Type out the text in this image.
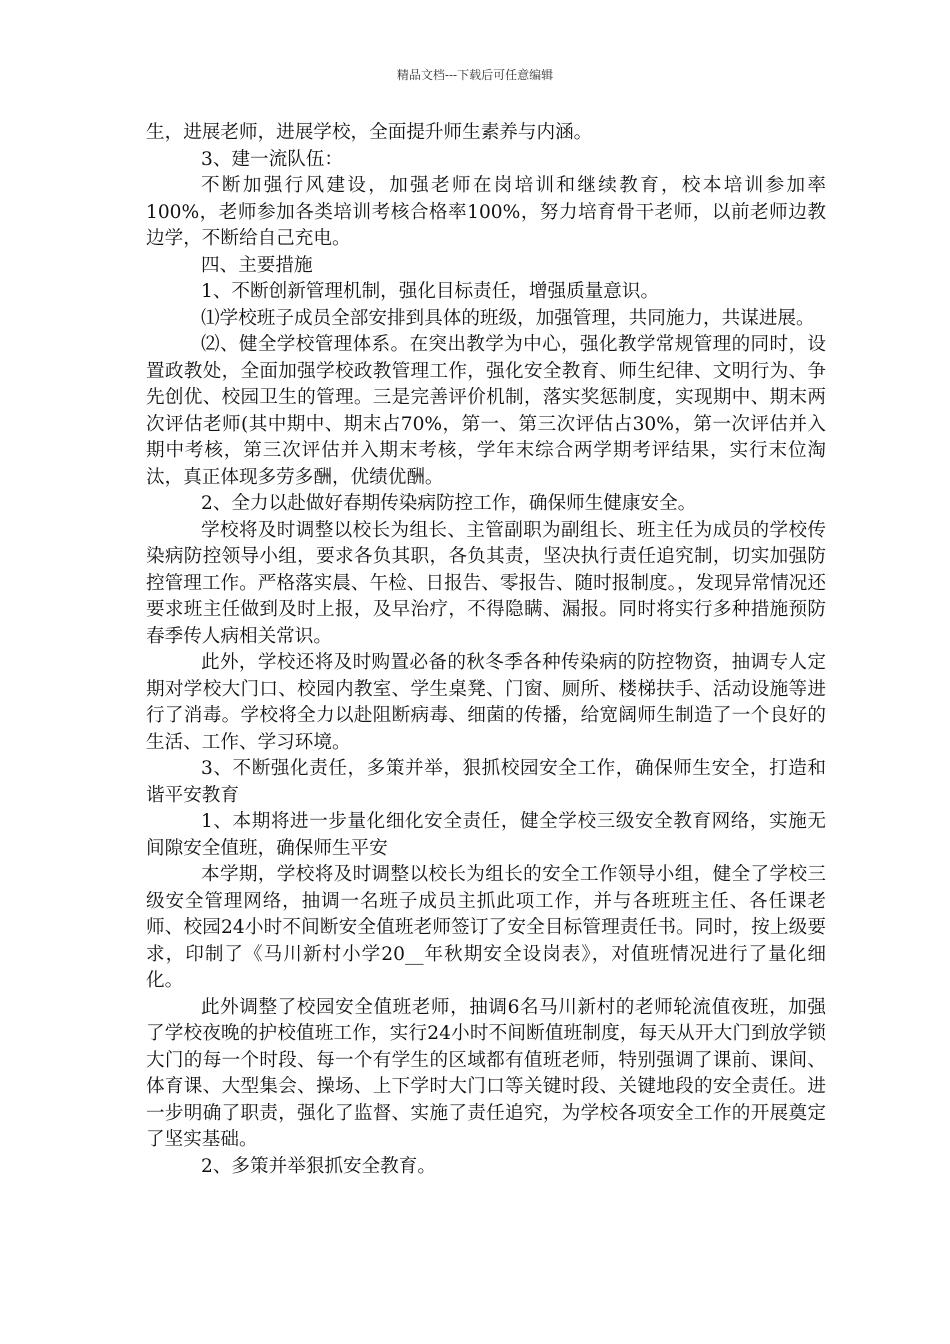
精品文档---下载后可任意编辑

生，进展老师，进展学校，全面提升师生素养与内涵。

3、建一流队伍：

不断加强行风建设，加强老师在岗培训和继续教育，校本培训参加率100%，老师参加各类培训考核合格率100%，努力培育骨干老师，以前老师边教边学，不断给自己充电。

四、主要措施

1、不断创新管理机制，强化目标责任，增强质量意识。

⑴学校班子成员全部安排到具体的班级，加强管理，共同施力，共谋进展。

⑵、健全学校管理体系。在突出教学为中心，强化教学常规管理的同时，设置政教处，全面加强学校政教管理工作，强化安全教育、师生纪律、文明行为、争先创优、校园卫生的管理。三是完善评价机制，落实奖惩制度，实现期中、期末两次评估老师(其中期中、期末占70%，第一、第三次评估占30%，第一次评估并入期中考核，第三次评估并入期末考核，学年末综合两学期考评结果，实行末位淘汰，真正体现多劳多酬，优绩优酬。

2、全力以赴做好春期传染病防控工作，确保师生健康安全。

学校将及时调整以校长为组长、主管副职为副组长、班主任为成员的学校传染病防控领导小组，要求各负其职，各负其责，坚决执行责任追究制，切实加强防控管理工作。严格落实晨、午检、日报告、零报告、随时报制度。，发现异常情况还要求班主任做到及时上报，及早治疗，不得隐瞒、漏报。同时将实行多种措施预防春季传人病相关常识。

此外，学校还将及时购置必备的秋冬季各种传染病的防控物资，抽调专人定期对学校大门口、校园内教室、学生桌凳、门窗、厕所、楼梯扶手、活动设施等进行了消毒。学校将全力以赴阻断病毒、细菌的传播，给宽阔师生制造了一个良好的生活、工作、学习环境。

3、不断强化责任，多策并举，狠抓校园安全工作，确保师生安全，打造和谐平安教育

1、本期将进一步量化细化安全责任，健全学校三级安全教育网络，实施无间隙安全值班，确保师生平安

本学期，学校将及时调整以校长为组长的安全工作领导小组，健全了学校三级安全管理网络，抽调一名班子成员主抓此项工作，并与各班班主任、各任课老师、校园24小时不间断安全值班老师签订了安全目标管理责任书。同时，按上级要求，印制了《马川新村小学20__年秋期安全设岗表》，对值班情况进行了量化细化。

此外调整了校园安全值班老师，抽调6名马川新村的老师轮流值夜班，加强了学校夜晚的护校值班工作，实行24小时不间断值班制度，每天从开大门到放学锁大门的每一个时段、每一个有学生的区域都有值班老师，特别强调了课前、课间、体育课、大型集会、操场、上下学时大门口等关键时段、关键地段的安全责任。进一步明确了职责，强化了监督、实施了责任追究，为学校各项安全工作的开展奠定了坚实基础。

2、多策并举狠抓安全教育。
